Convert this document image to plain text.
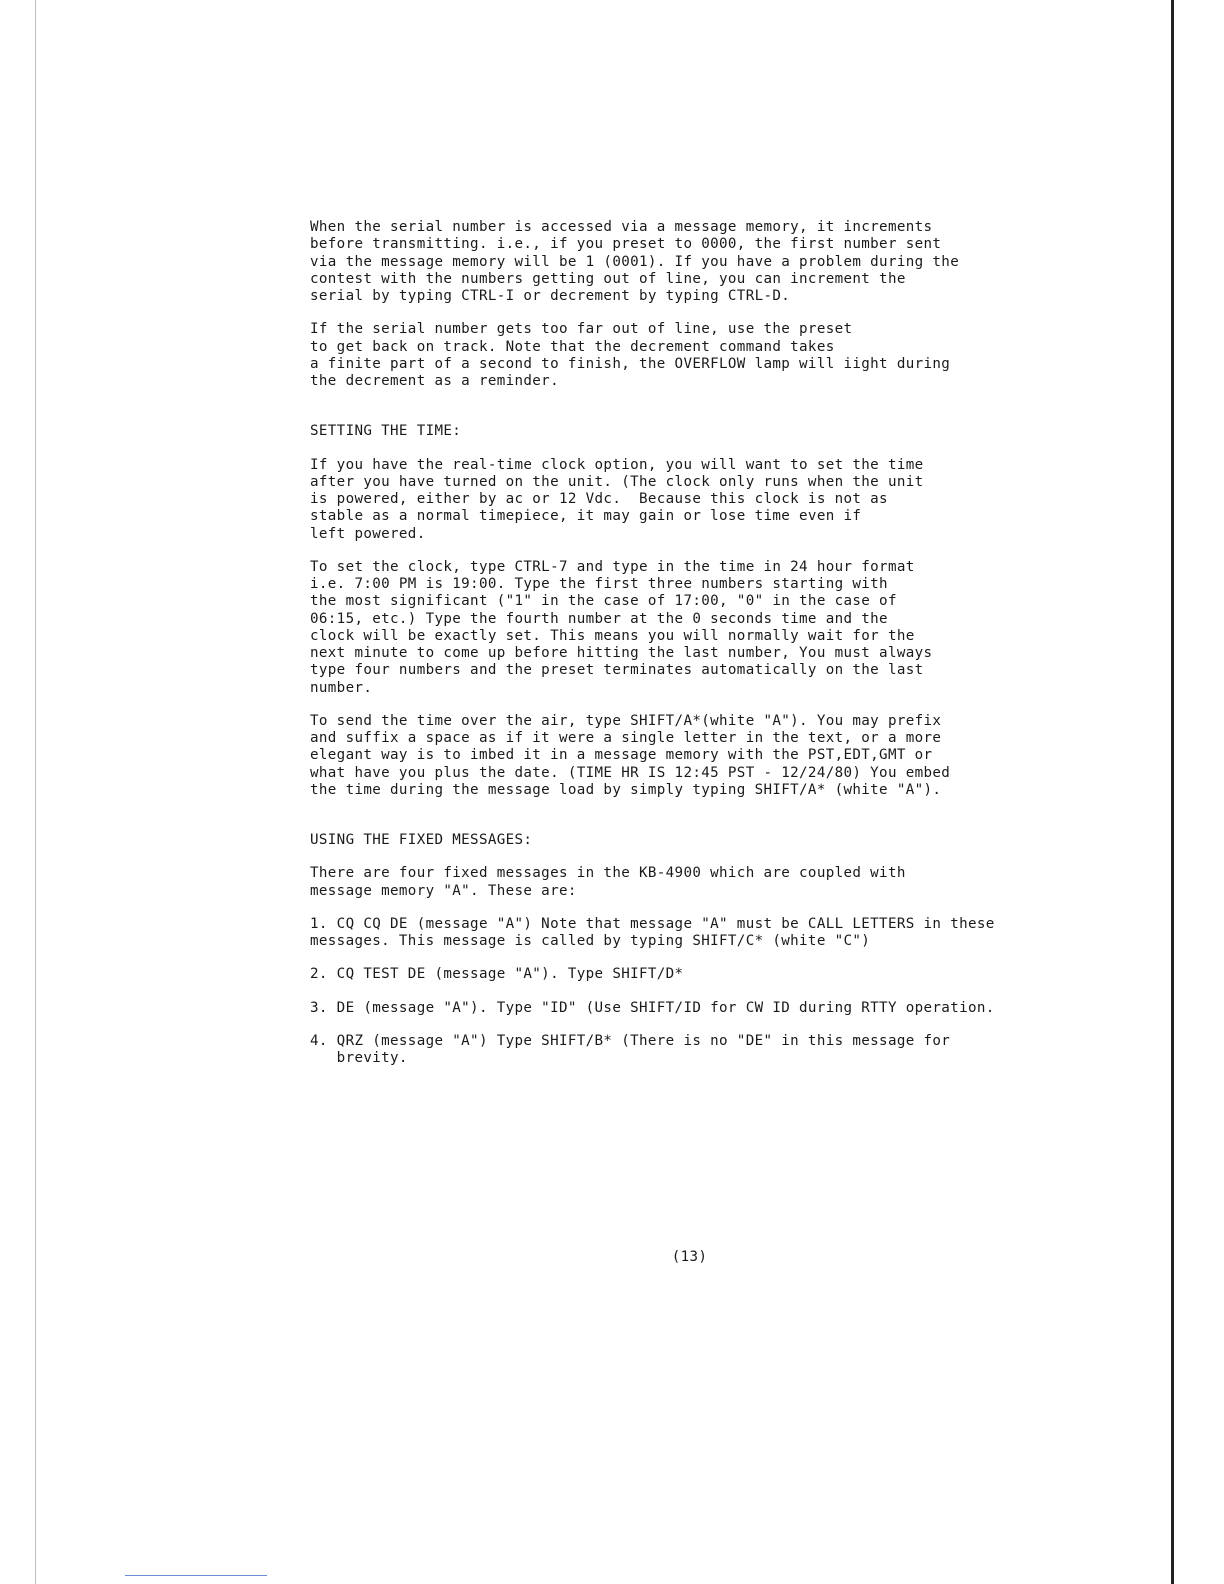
When the serial number is accessed via a message memory, it increments
before transmitting. i.e., if you preset to 0000, the first number sent
via the message memory will be 1 (0001). If you have a problem during the
contest with the numbers getting out of line, you can increment the
serial by typing CTRL-I or decrement by typing CTRL-D.
If the serial number gets too far out of line, use the preset
to get back on track. Note that the decrement command takes
a finite part of a second to finish, the OVERFLOW lamp will iight during
the decrement as a reminder.
SETTING THE TIME:
If you have the real-time clock option, you will want to set the time
after you have turned on the unit. (The clock only runs when the unit
is powered, either by ac or 12 Vdc.  Because this clock is not as
stable as a normal timepiece, it may gain or lose time even if
left powered.
To set the clock, type CTRL-7 and type in the time in 24 hour format
i.e. 7:00 PM is 19:00. Type the first three numbers starting with
the most significant ("1" in the case of 17:00, "0" in the case of
06:15, etc.) Type the fourth number at the 0 seconds time and the
clock will be exactly set. This means you will normally wait for the
next minute to come up before hitting the last number, You must always
type four numbers and the preset terminates automatically on the last
number.
To send the time over the air, type SHIFT/A*(white "A"). You may prefix
and suffix a space as if it were a single letter in the text, or a more
elegant way is to imbed it in a message memory with the PST,EDT,GMT or
what have you plus the date. (TIME HR IS 12:45 PST - 12/24/80) You embed
the time during the message load by simply typing SHIFT/A* (white "A").
USING THE FIXED MESSAGES:
There are four fixed messages in the KB-4900 which are coupled with
message memory "A". These are:
1. CQ CQ DE (message "A") Note that message "A" must be CALL LETTERS in these
messages. This message is called by typing SHIFT/C* (white "C")
2. CQ TEST DE (message "A"). Type SHIFT/D*
3. DE (message "A"). Type "ID" (Use SHIFT/ID for CW ID during RTTY operation.
4. QRZ (message "A") Type SHIFT/B* (There is no "DE" in this message for
brevity.
(13)
